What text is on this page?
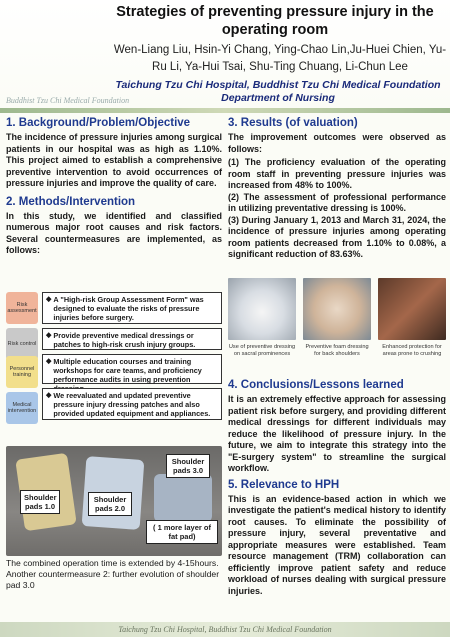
Strategies of preventing pressure injury in the operating room
Wen-Liang Liu, Hsin-Yi Chang, Ying-Chao Lin,Ju-Huei Chien, Yu-Ru Li, Ya-Hui Tsai, Shu-Ting Chuang, Li-Chun Lee
Taichung Tzu Chi Hospital, Buddhist Tzu Chi Medical Foundation
Department of Nursing
Buddhist Tzu Chi Medical Foundation
1. Background/Problem/Objective
The incidence of pressure injuries among surgical patients in our hospital was as high as 1.10%. This project aimed to establish a comprehensive preventive intervention to avoid occurrences of pressure injuries and improve the quality of care.
2. Methods/Intervention
In this study, we identified and classified numerous major root causes and risk factors. Several countermeasures are implemented, as follows:
Risk assessment
◆ A "High-risk Group Assessment Form" was designed to evaluate the risks of pressure injuries before surgery.
Risk control
◆ Provide preventive medical dressings or patches to high-risk crush injury groups.
Personnel training
◆ Multiple education courses and training workshops for care teams, and proficiency performance audits in using prevention
Medical intervention
◆ We reevaluated and updated preventive pressure injury dressing patches and also provided updated equipment and appliances.
Shoulder pads 1.0
Shoulder pads 2.0
Shoulder pads 3.0
( 1 more layer of fat pad)
The combined operation time is extended by 4-15hours. Another countermeasure 2: further evolution of shoulder pad 3.0
3. Results (of valuation)
The improvement outcomes were observed as follows:
(1) The proficiency evaluation of the operating room staff in preventing pressure injuries was increased from 48% to 100%.
(2) The assessment of professional performance in utilizing preventative dressing is 100%.
(3) During January 1, 2013 and March 31, 2024, the incidence of pressure injuries among operating room patients decreased from 1.10% to 0.08%, a significant reduction of 83.63%.
Use of preventive dressing on sacral prominences
Preventive foam dressing for back shoulders
Enhanced protection for areas prone to crushing
4. Conclusions/Lessons learned
It is an extremely effective approach for assessing patient risk before surgery, and providing different medical dressings for different individuals may reduce the likelihood of pressure injury. In the future, we aim to integrate this strategy into the "E-surgery system" to streamline the surgical workflow.
5. Relevance to HPH
This is an evidence-based action in which we investigate the patient's medical history to identify root causes. To eliminate the possibility of pressure injury, several preventative and appropriate measures were established. Team resource management (TRM) collaboration can efficiently improve patient safety and reduce workload of nurses dealing with surgical pressure injuries.
Taichung Tzu Chi Hospital, Buddhist Tzu Chi Medical Foundation
